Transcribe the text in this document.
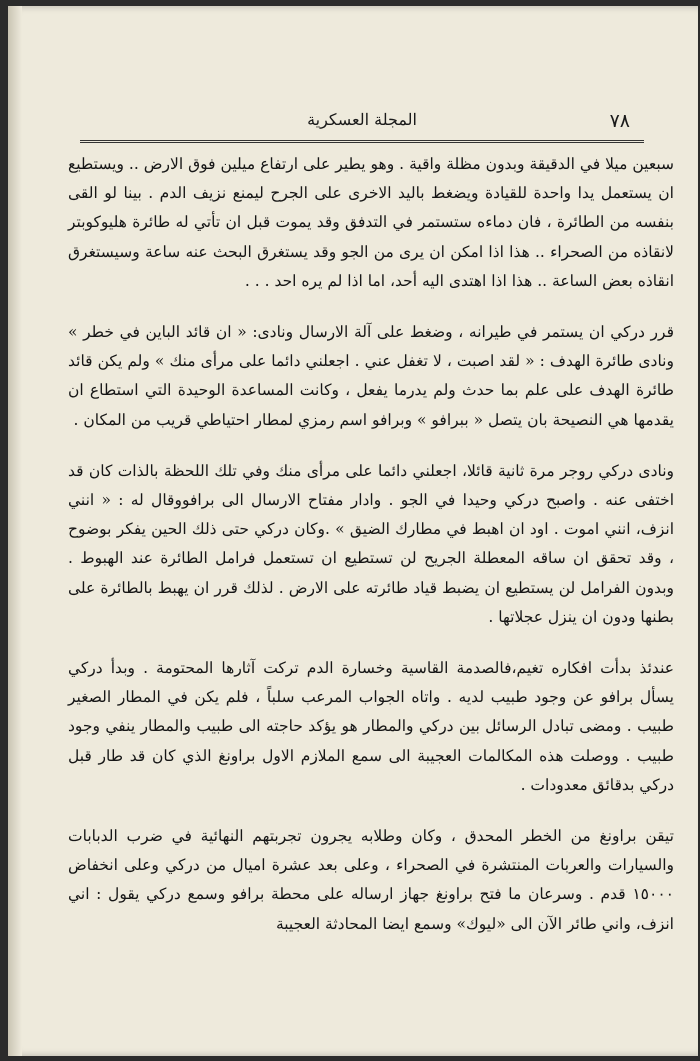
٧٨
المجلة العسكرية

سبعين ميلا في الدقيقة وبدون مظلة واقية . وهو يطير على ارتفاع ميلين فوق الارض .. ويستطيع ان يستعمل يدا واحدة للقيادة ويضغط باليد الاخرى على الجرح ليمنع نزيف الدم . بينا لو القى بنفسه من الطائرة ، فان دماءه ستستمر في التدفق وقد يموت قبل ان تأتي له طائرة هليوكوبتر لانقاذه من الصحراء .. هذا اذا امكن ان يرى من الجو وقد يستغرق البحث عنه ساعة وسيستغرق انقاذه بعض الساعة .. هذا اذا اهتدى اليه أحد، اما اذا لم يره احد . . .

قرر دركي ان يستمر في طيرانه ، وضغط على آلة الارسال ونادى: « ان قائد الباين في خطر » ونادى طائرة الهدف : « لقد اصبت ، لا تغفل عني . اجعلني دائما على مرأى منك » ولم يكن قائد طائرة الهدف على علم بما حدث ولم يدرما يفعل ، وكانت المساعدة الوحيدة التي استطاع ان يقدمها هي النصيحة بان يتصل « ببرافو » وبرافو اسم رمزي لمطار احتياطي قريب من المكان .

ونادى دركي روجر مرة ثانية قائلا، اجعلني دائما على مرأى منك وفي تلك اللحظة بالذات كان قد اختفى عنه . واصبح دركي وحيدا في الجو . وادار مفتاح الارسال الى برافووقال له : « انني انزف، انني اموت . اود ان اهبط في مطارك الضيق » .وكان دركي حتى ذلك الحين يفكر بوضوح ، وقد تحقق ان ساقه المعطلة الجريح لن تستطيع ان تستعمل فرامل الطائرة عند الهبوط . وبدون الفرامل لن يستطيع ان يضبط قياد طائرته على الارض . لذلك قرر ان يهبط بالطائرة على بطنها ودون ان ينزل عجلاتها .

عندئذ بدأت افكاره تغيم،فالصدمة القاسية وخسارة الدم تركت آثارها المحتومة . وبدأ دركي يسأل برافو عن وجود طبيب لديه . واتاه الجواب المرعب سلباً ، فلم يكن في المطار الصغير طبيب . ومضى تبادل الرسائل بين دركي والمطار هو يؤكد حاجته الى طبيب والمطار ينفي وجود طبيب . ووصلت هذه المكالمات العجيبة الى سمع الملازم الاول براونغ الذي كان قد طار قبل دركي بدقائق معدودات .

تيقن براونغ من الخطر المحدق ، وكان وطلابه يجرون تجربتهم النهائية في ضرب الدبابات والسيارات والعربات المنتشرة في الصحراء ، وعلى بعد عشرة اميال من دركي وعلى انخفاض ١٥٠٠٠ قدم . وسرعان ما فتح براونغ جهاز ارساله على محطة برافو وسمع دركي يقول : اني انزف، واني طائر الآن الى «ليوك» وسمع ايضا المحادثة العجيبة
